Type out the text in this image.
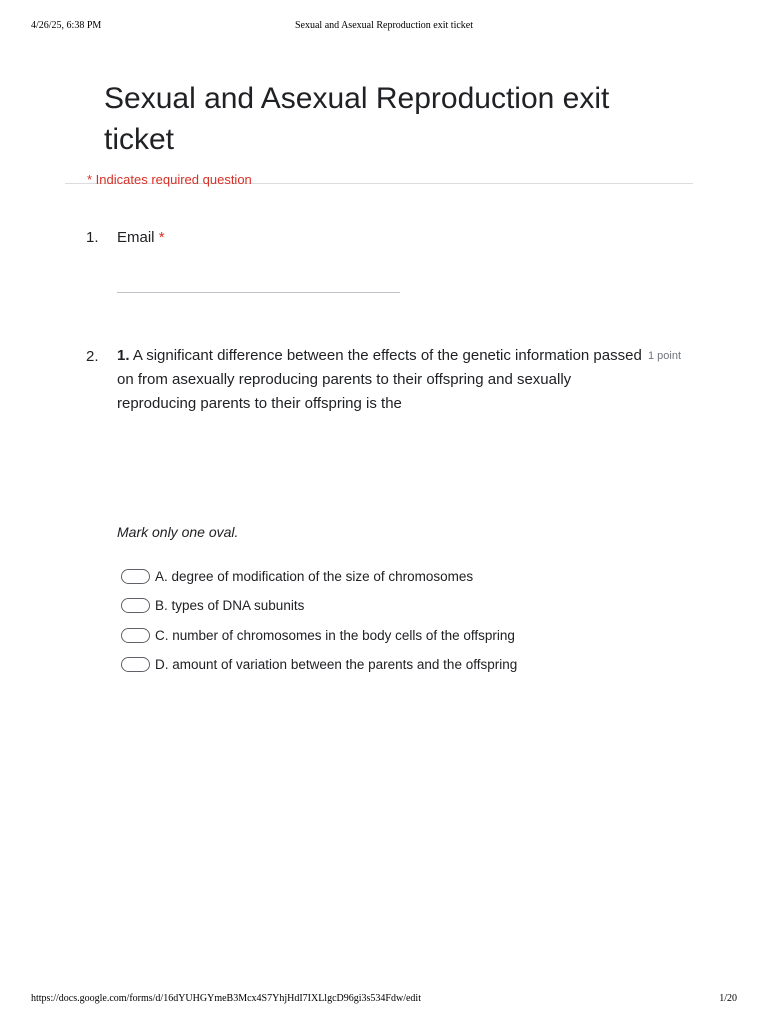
4/26/25, 6:38 PM	Sexual and Asexual Reproduction exit ticket
Sexual and Asexual Reproduction exit ticket
* Indicates required question
1. Email *
2. 1. A significant difference between the effects of the genetic information passed on from asexually reproducing parents to their offspring and sexually reproducing parents to their offspring is the
1 point
Mark only one oval.
A. degree of modification of the size of chromosomes
B. types of DNA subunits
C. number of chromosomes in the body cells of the offspring
D. amount of variation between the parents and the offspring
https://docs.google.com/forms/d/16dYUHGYmeB3Mcx4S7YhjHdI7IXLlgcD96gi3s534Fdw/edit	1/20
